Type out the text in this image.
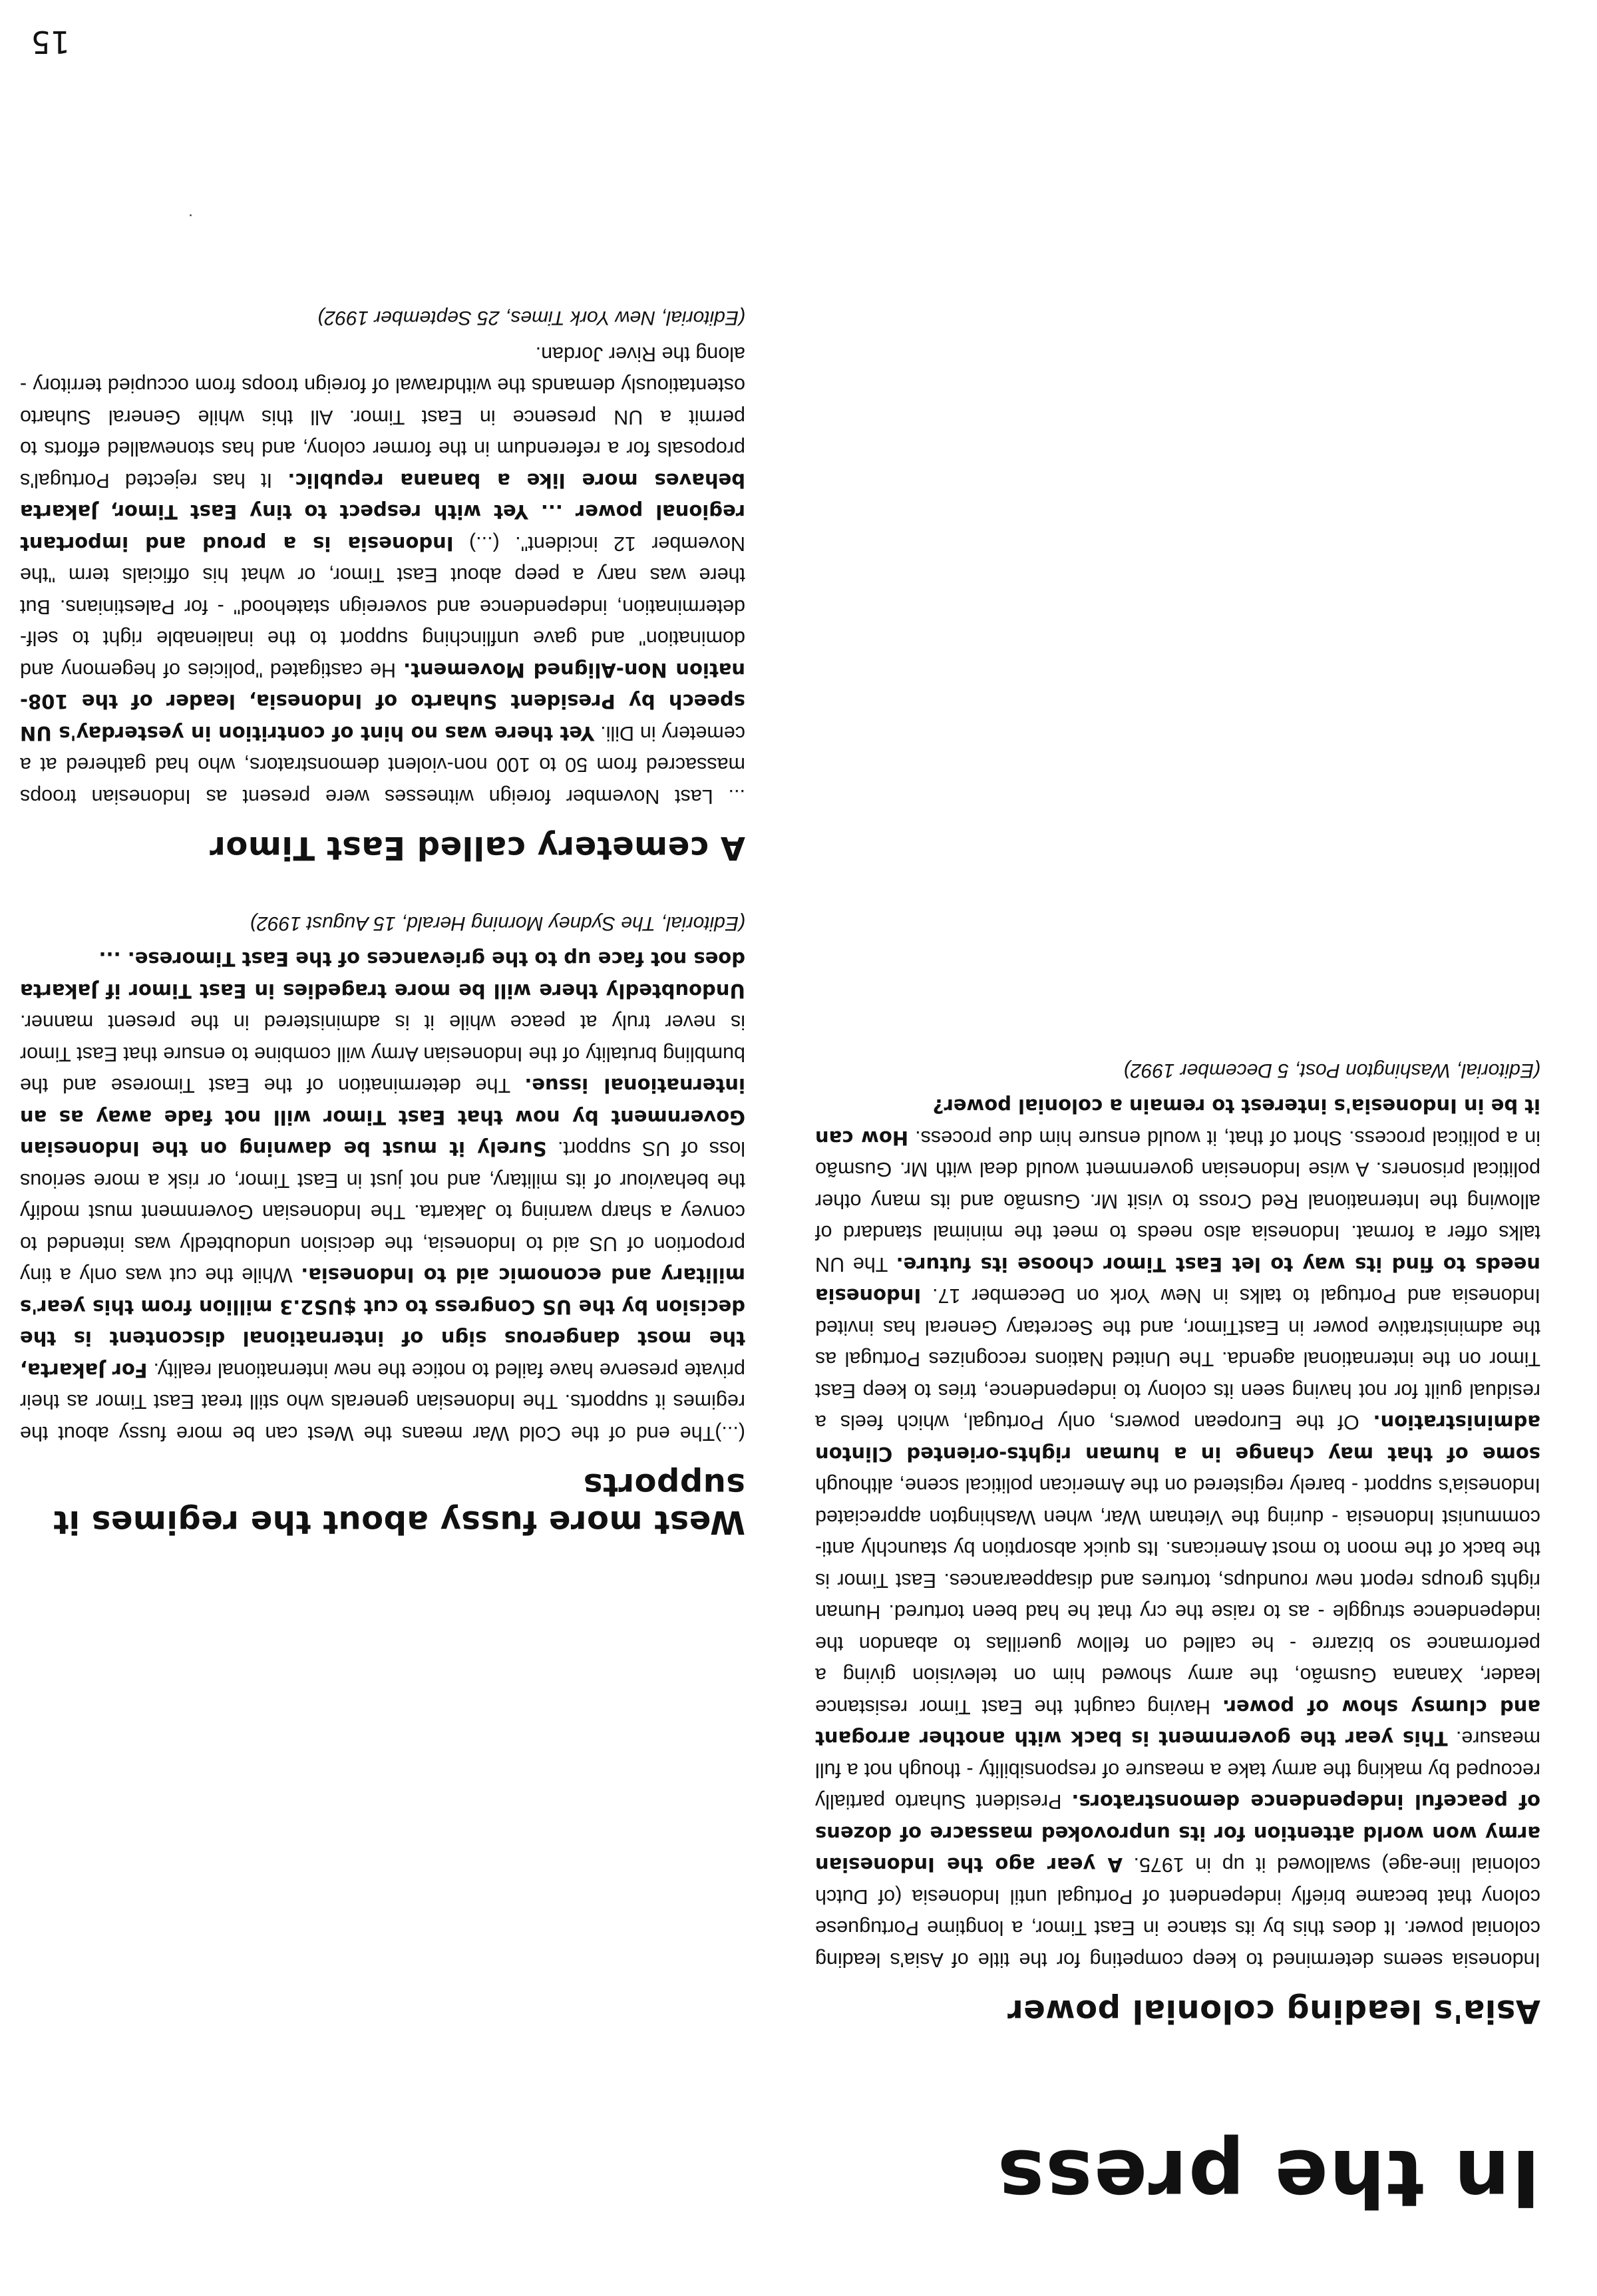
In the press
Asia's leading colonial power

Indonesia seems determined to keep competing for the title of Asia's leading colonial power. It does this by its stance in East Timor, a longtime Portuguese colony that became briefly independent of Portugal until Indonesia (of Dutch colonial line-age) swallowed it up in 1975. A year ago the Indonesian army won world attention for its unprovoked massacre of dozens of peaceful independence demonstrators. President Suharto partially recouped by making the army take a measure of responsibility - though not a full measure. This year the government is back with another arrogant and clumsy show of power. Having caught the East Timor resistance leader, Xanana Gusmão, the army showed him on television giving a performance so bizarre - he called on fellow guerillas to abandon the independence struggle - as to raise the cry that he had been tortured. Human rights groups report new roundups, tortures and disappearances. East Timor is the back of the moon to most Americans. Its quick absorption by staunchly anti-communist Indonesia - during the Vietnam War, when Washington appreciated Indonesia's support - barely registered on the American political scene, although some of that may change in a human rights-oriented Clinton administration. Of the European powers, only Portugal, which feels a residual guilt for not having seen its colony to independence, tries to keep East Timor on the international agenda. The United Nations recognizes Portugal as the administrative power in EastTimor, and the Secretary General has invited Indonesia and Portugal to talks in New York on December 17. Indonesia needs to find its way to let East Timor choose its future. The UN talks offer a format. Indonesia also needs to meet the minimal standard of allowing the International Red Cross to visit Mr. Gusmão and its many other political prisoners. A wise Indonesian government would deal with Mr. Gusmão in a political process. Short of that, it would ensure him due process. How can it be in Indonesia's interest to remain a colonial power?

(Editorial, Washington Post, 5 December 1992)

West more fussy about the regimes it supports

(...)The end of the Cold War means the West can be more fussy about the regimes it supports. The Indonesian generals who still treat East Timor as their private preserve have failed to notice the new international reality. For Jakarta, the most dangerous sign of international discontent is the decision by the US Congress to cut $US2.3 million from this year's military and economic aid to Indonesia. While the cut was only a tiny proportion of US aid to Indonesia, the decision undoubtedly was intended to convey a sharp warning to Jakarta. The Indonesian Government must modify the behaviour of its military, and not just in East Timor, or risk a more serious loss of US support. Surely it must be dawning on the Indonesian Government by now that East Timor will not fade away as an international issue. The determination of the East Timorese and the bumbling brutality of the Indonesian Army will combine to ensure that East Timor is never truly at peace while it is administered in the present manner. Undoubtedly there will be more tragedies in East Timor if Jakarta does not face up to the grievances of the East Timorese. ...

(Editorial, The Sydney Morning Herald, 15 August 1992)

A cemetery called East Timor

... Last November foreign witnesses were present as Indonesian troops massacred from 50 to 100 non-violent demonstrators, who had gathered at a cemetery in Dili. Yet there was no hint of contrition in yesterday's UN speech by President Suharto of Indonesia, leader of the 108-nation Non-Aligned Movement. He castigated "policies of hegemony and domination" and gave unflinching support to the inalienable right to self-determination, independence and sovereign statehood" - for Palestinians. But there was nary a peep about East Timor, or what his officials term "the November 12 incident". (...) Indonesia is a proud and important regional power ... Yet with respect to tiny East Timor, Jakarta behaves more like a banana republic. It has rejected Portugal's proposals for a referendum in the former colony, and has stonewalled efforts to permit a UN presence in East Timor. All this while General Suharto ostentatiously demands the withdrawal of foreign troops from occupied territory - along the River Jordan.

(Editorial, New York Times, 25 September 1992)

15
